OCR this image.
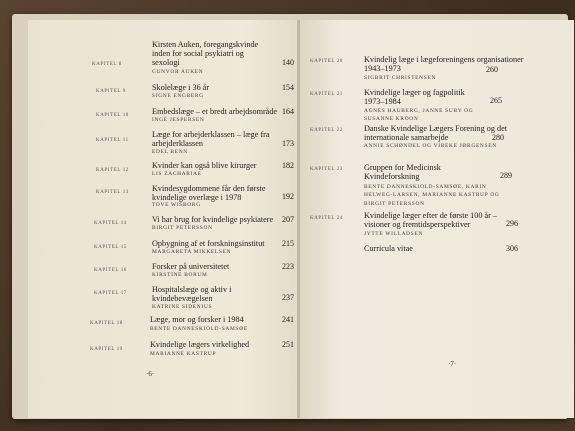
KAPITEL 8
Kirsten Auken, foregangskvinde inden for social psykiatri og sexologi	140
GUNVOR AUKEN
KAPITEL 9	Skolelæge i 36 år	154
SIGNE ENGBERG
KAPITEL 10	Embedslæge – et bredt arbejdsområde 164
INGE JESPERSEN
KAPITEL 11
Læge for arbejderklassen – læge fra arbejderklassen	173
EDEL BENN
KAPITEL 12
Kvinder kan også blive kirurger	182
LIS ZACHARIAE
KAPITEL 13	Kvindesygdommene får den første kvindelige overlæge i 1978	192
TOVE WISBORG
KAPITEL 14	Vi har brug for kvindelige psykiatere	207
BIRGIT PETERSSON
KAPITEL 15	Opbygning af et forskningsinstitut	215
MARGARETA MIKKELSEN
KAPITEL 16	Forsker på universitetet	223
KIRSTINE BORUM
KAPITEL 17	Hospitalslæge og aktiv i kvindebevægelsen	237
KATRINE SIDENIUS
KAPITEL 18	Læge, mor og forsker i 1984	241
BENTE DANNESKIOLD-SAMSØE
KAPITEL 19
Kvindelige lægers virkelighed	251
MARIANNE KASTRUP
·6·
KAPITEL 20	Kvindelig læge i lægeforeningens organisationer 1943–1973	260
SIGBRIT CHRISTENSEN
KAPITEL 21	Kvindelige læger og fagpolitik 1973–1984	265
AGNES HAUBERG, JANNE SUBY OG SUSANNE KROON
KAPITEL 22	Danske Kvindelige Lægers Forening og det internationale samarbejde	280
ANNIE SCHØNDEL OG VIBEKE JØRGENSEN
KAPITEL 23	Gruppen for Medicinsk Kvindeforskning	289
BENTE DANNESKIOLD-SAMSØE, KARIN HELWEG-LARSEN, MARIANNE KASTRUP OG BIRGIT PETERSSON
KAPITEL 24	Kvindelige læger efter de første 100 år – visioner og fremtidsperspektiver	296
JYTTE WILLADSEN
Curricula vitae	306
·7·
